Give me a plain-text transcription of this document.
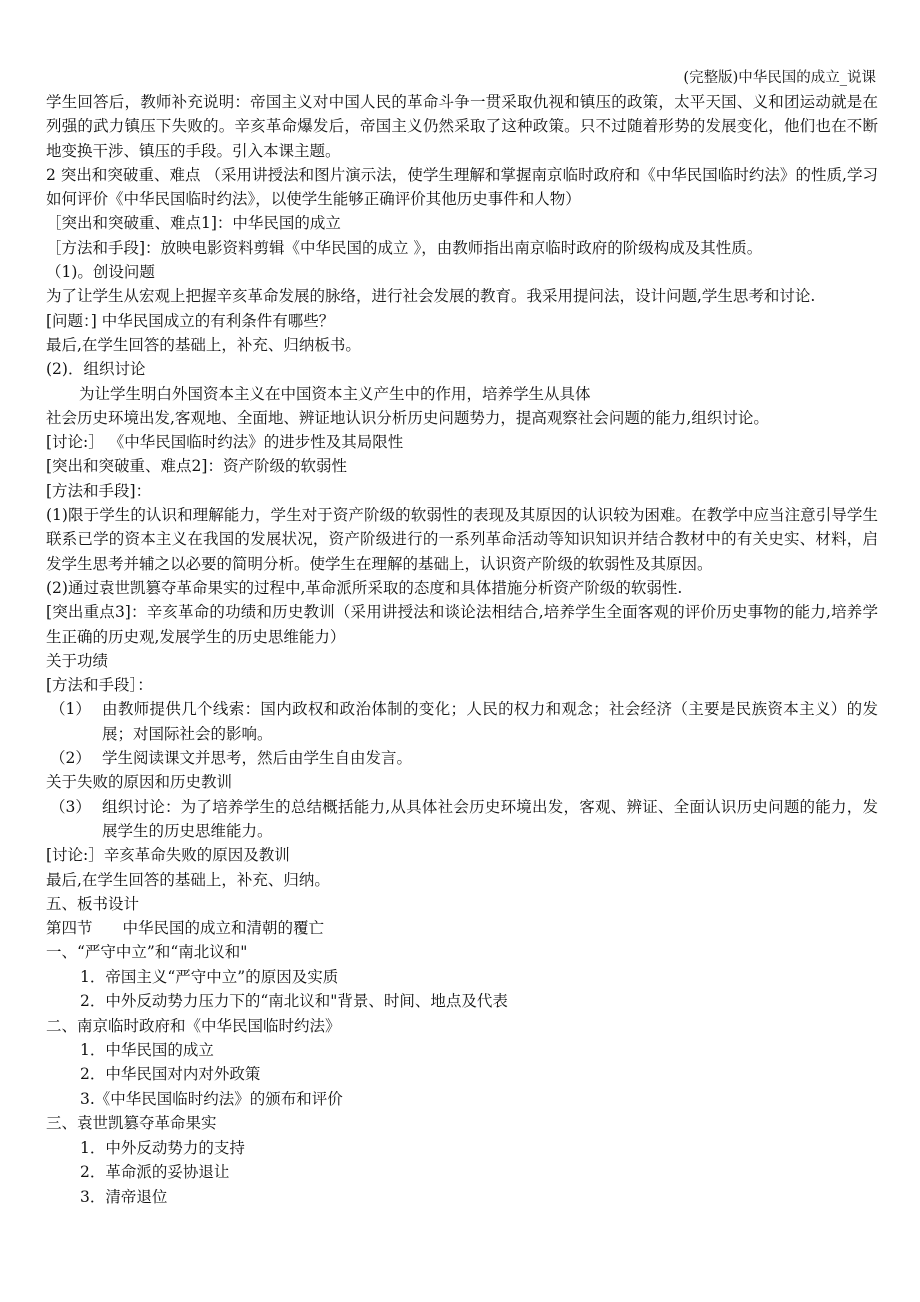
(完整版)中华民国的成立_说课
学生回答后，教师补充说明：帝国主义对中国人民的革命斗争一贯采取仇视和镇压的政策，太平天国、义和团运动就是在列强的武力镇压下失败的。辛亥革命爆发后，帝国主义仍然采取了这种政策。只不过随着形势的发展变化，他们也在不断地变换干涉、镇压的手段。引入本课主题。
2 突出和突破重、难点 （采用讲授法和图片演示法，使学生理解和掌握南京临时政府和《中华民国临时约法》的性质,学习如何评价《中华民国临时约法》，以使学生能够正确评价其他历史事件和人物）
［突出和突破重、难点1]：中华民国的成立
［方法和手段]：放映电影资料剪辑《中华民国的成立 》，由教师指出南京临时政府的阶级构成及其性质。
（1)。创设问题
为了让学生从宏观上把握辛亥革命发展的脉络，进行社会发展的教育。我采用提问法，设计问题,学生思考和讨论.
[问题：] 中华民国成立的有利条件有哪些？
最后,在学生回答的基础上，补充、归纳板书。
(2)．组织讨论
为让学生明白外国资本主义在中国资本主义产生中的作用，培养学生从具体
社会历史环境出发,客观地、全面地、辨证地认识分析历史问题势力，提高观察社会问题的能力,组织讨论。
[讨论:］ 《中华民国临时约法》的进步性及其局限性
[突出和突破重、难点2]：资产阶级的软弱性
[方法和手段]：
(1)限于学生的认识和理解能力，学生对于资产阶级的软弱性的表现及其原因的认识较为困难。在教学中应当注意引导学生联系已学的资本主义在我国的发展状况，资产阶级进行的一系列革命活动等知识知识并结合教材中的有关史实、材料，启发学生思考并辅之以必要的简明分析。使学生在理解的基础上，认识资产阶级的软弱性及其原因。
(2)通过袁世凯篡夺革命果实的过程中,革命派所采取的态度和具体措施分析资产阶级的软弱性.
[突出重点3]：辛亥革命的功绩和历史教训（采用讲授法和谈论法相结合,培养学生全面客观的评价历史事物的能力,培养学生正确的历史观,发展学生的历史思维能力）
关于功绩
[方法和手段］：
（1） 由教师提供几个线索：国内政权和政治体制的变化；人民的权力和观念；社会经济（主要是民族资本主义）的发展；对国际社会的影响。
（2） 学生阅读课文并思考，然后由学生自由发言。
关于失败的原因和历史教训
（3） 组织讨论：为了培养学生的总结概括能力,从具体社会历史环境出发，客观、辨证、全面认识历史问题的能力，发展学生的历史思维能力。
[讨论:］辛亥革命失败的原因及教训
最后,在学生回答的基础上，补充、归纳。
五、板书设计
第四节 中华民国的成立和清朝的覆亡
一、“严守中立”和“南北议和"
1．帝国主义“严守中立”的原因及实质
2．中外反动势力压力下的“南北议和"背景、时间、地点及代表
二、南京临时政府和《中华民国临时约法》
1．中华民国的成立
2．中华民国对内对外政策
3.《中华民国临时约法》的颁布和评价
三、袁世凯篡夺革命果实
1．中外反动势力的支持
2．革命派的妥协退让
3．清帝退位
